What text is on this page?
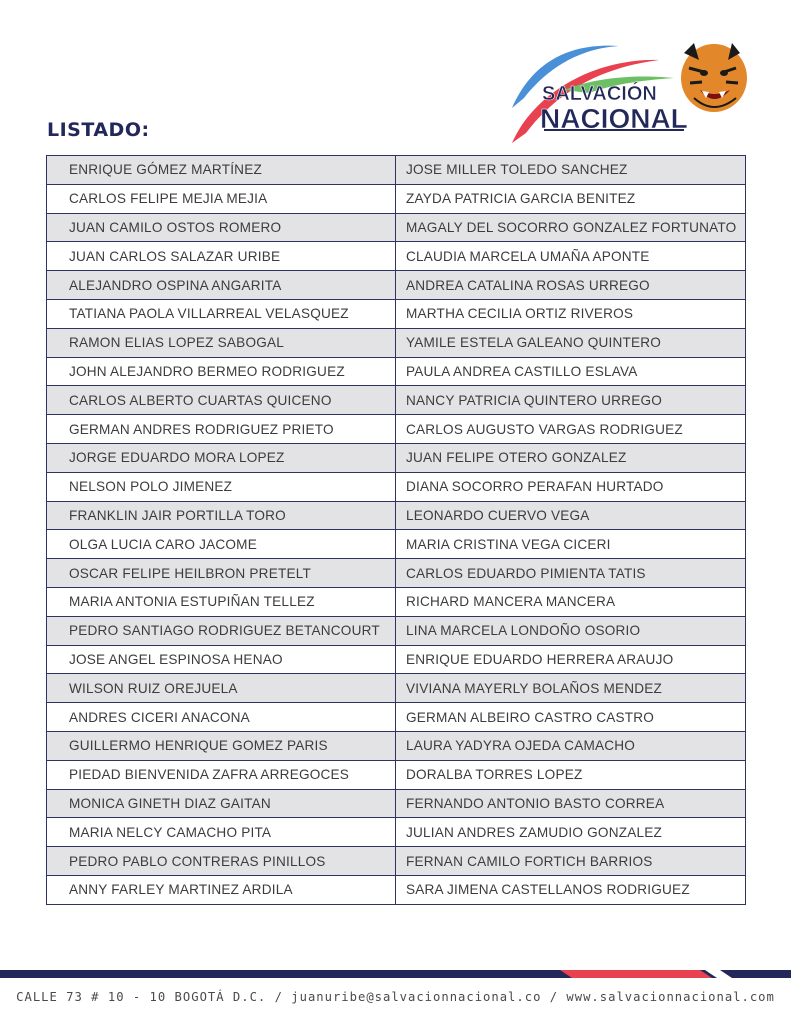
SALVACIÓN
NACIONAL
LISTADO:
ENRIQUE GÓMEZ MARTÍNEZ	JOSE MILLER TOLEDO SANCHEZ
CARLOS FELIPE MEJIA MEJIA	ZAYDA PATRICIA GARCIA BENITEZ
JUAN CAMILO OSTOS ROMERO	MAGALY DEL SOCORRO GONZALEZ FORTUNATO
JUAN CARLOS SALAZAR URIBE	CLAUDIA MARCELA UMAÑA APONTE
ALEJANDRO OSPINA ANGARITA	ANDREA CATALINA ROSAS URREGO
TATIANA PAOLA VILLARREAL VELASQUEZ	MARTHA CECILIA ORTIZ RIVEROS
RAMON ELIAS LOPEZ SABOGAL	YAMILE ESTELA GALEANO QUINTERO
JOHN ALEJANDRO BERMEO RODRIGUEZ	PAULA ANDREA CASTILLO ESLAVA
CARLOS ALBERTO CUARTAS QUICENO	NANCY PATRICIA QUINTERO URREGO
GERMAN ANDRES RODRIGUEZ PRIETO	CARLOS AUGUSTO VARGAS RODRIGUEZ
JORGE EDUARDO MORA LOPEZ	JUAN FELIPE OTERO GONZALEZ
NELSON POLO JIMENEZ	DIANA SOCORRO PERAFAN HURTADO
FRANKLIN JAIR PORTILLA TORO	LEONARDO CUERVO VEGA
OLGA LUCIA CARO JACOME	MARIA CRISTINA VEGA CICERI
OSCAR FELIPE HEILBRON PRETELT	CARLOS EDUARDO PIMIENTA TATIS
MARIA ANTONIA ESTUPIÑAN TELLEZ	RICHARD MANCERA MANCERA
PEDRO SANTIAGO RODRIGUEZ BETANCOURT	LINA MARCELA LONDOÑO OSORIO
JOSE ANGEL ESPINOSA HENAO	ENRIQUE EDUARDO HERRERA ARAUJO
WILSON RUIZ OREJUELA	VIVIANA MAYERLY BOLAÑOS MENDEZ
ANDRES CICERI ANACONA	GERMAN ALBEIRO CASTRO CASTRO
GUILLERMO HENRIQUE GOMEZ PARIS	LAURA YADYRA OJEDA CAMACHO
PIEDAD BIENVENIDA ZAFRA ARREGOCES	DORALBA TORRES LOPEZ
MONICA GINETH DIAZ GAITAN	FERNANDO ANTONIO BASTO CORREA
MARIA NELCY CAMACHO PITA	JULIAN ANDRES ZAMUDIO GONZALEZ
PEDRO PABLO CONTRERAS PINILLOS	FERNAN CAMILO FORTICH BARRIOS
ANNY FARLEY MARTINEZ ARDILA	SARA JIMENA CASTELLANOS RODRIGUEZ
CALLE 73 # 10 - 10 BOGOTÁ D.C. / juanuribe@salvacionnacional.co / www.salvacionnacional.com
